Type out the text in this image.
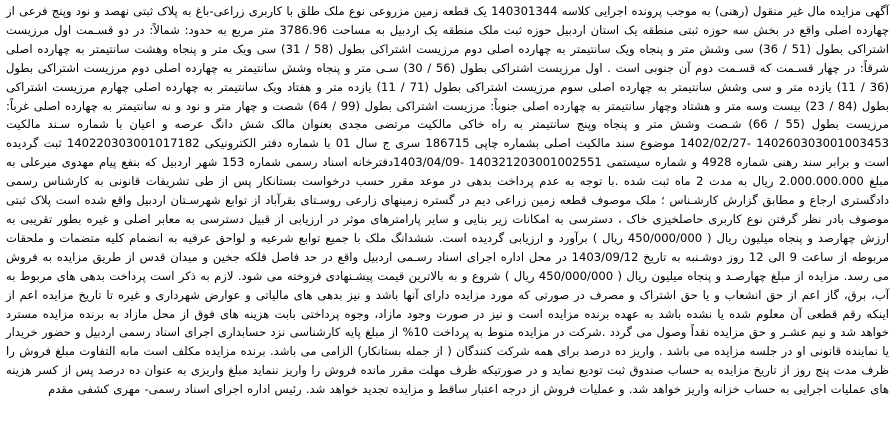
آگهی مزایده مال غیر منقول (رهنی) به موجب پرونده اجرایی کلاسه 140301344 یک قطعه زمین مزروعی نوع ملک طلق با کاربری زراعی-باغ به پلاک ثبتی نهصد و نود وپنج فرعی از چهارده اصلی واقع در بخش سه حوزه ثبتی منطقه یک استان اردبیل حوزه ثبت ملک منطقه یک اردبیل به مساحت 3786.96 متر مربع به حدود: شمالاً: در دو قسـمت اول مرزیست اشتراکی بطول (51 / 36) سی وشش متر و پنجاه ویک سانتیمتر به چهارده اصلی دوم مرزیست اشتراکی بطول (58 / 31) سی ویک متر و پنجاه وهشت سانتیمتر به چهارده اصلی شرقاً: در چهار قسـمت که قسـمت دوم آن جنوبی است . اول مرزیست اشتراکی بطول (56 / 30) سـی متر و پنجاه وشش سانتیمتر به چهارده اصلی دوم مرزیست اشتراکی بطول (36 / 11) یازده متر و سی وشش سانتیمتر به چهارده اصلی سوم مرزیست اشتراکی بطول (71 / 11) یازده متر و هفتاد ویک سانتیمتر به چهارده اصلی چهارم مرزیست اشتراکی بطول (84 / 23) بیست وسه متر و هشتاد وچهار سانتیمتر به چهارده اصلی جنوباً: مرزیست اشتراکی بطول (99 / 64) شصت و چهار متر و نود و نه سانتیمتر به چهارده اصلی غرباً: مرزیست بطول (55 / 66) شـصت وشش متر و پنجاه وپنج سانتیمتر به راه خاکی مالکیت مرتضی مجدی بعنوان مالک شش دانگ عرصه و اعیان با شماره سـند مالکیت 140260303001003453 -1402/02/27 موضوع سند مالکیت اصلی بشماره چاپی 186715 سری ج سال 01 با شماره دفتر الکترونیکی 140220303001017182 ثبت گردیده است و برابر سند رهنی شماره 4928 و شماره سیستمی 140321203001002551 -1403/04/09دفترخانه اسناد رسمی شماره 153 شهر اردبیل که بنفع پیام مهدوی میرعلی به مبلغ 2.000.000.000 ریال به مدت 2 ماه ثبت شده .با توجه به عدم پرداخت بدهی در موعد مقرر حسب درخواست بستانکار پس از طی تشریفات قانونی به کارشناس رسمی دادگستری ارجاع و مطابق گزارش کارشـناس ؛ ملک موصوف قطعه زمین زراعی دیم در گستره زمینهای زارعی روسـتای بقرآباد از توابع شهرسـتان اردبیل واقع شده است پلاک ثبتی موصوف بادر نظر گرفتن نوع کاربری حاصلخیزی خاک ، دسترسی به امکانات زیر بنایی و سایر پارامترهای موثر در ارزیابی از قبیل دسترسی به معابر اصلی و غیره بطور تقریبی به ارزش چهارصد و پنجاه میلیون ریال ( 450/000/000 ریال ) برآورد و ارزیابی گردیده است. ششدانگ ملک با جمیع توابع شرعیه و لواحق عرفیه به انضمام کلیه متضمات و ملحقات مربوطه از ساعت 9 الی 12 روز دوشـنبه به تاریخ 1403/09/12 در محل اداره اجرای اسناد رسـمی اردبیل واقع در حد فاصل فلکه جخین و میدان قدس از طریق مزایده به فروش می رسد. مزایده از مبلغ چهارصـد و پنجاه میلیون ریال ( 450/000/000 ریال ) شروع و به بالاترین قیمت پیشـنهادی فروخته می شود. لازم به ذکر است پرداخت بدهی های مربوط به آب، برق، گاز اعم از حق انشعاب و یا حق اشتراک و مصرف در صورتی که مورد مزایده دارای آنها باشد و نیز بدهی های مالیاتی و عوارض شهرداری و غیره تا تاریخ مزایده اعم از اینکه رقم قطعی آن معلوم شده یا نشده باشد به عهده برنده مزایده است و نیز در صورت وجود مازاد، وجوه پرداختی بابت هزینه های فوق از محل مازاد به برنده مزایده مسترد خواهد شد و نیم عشـر و حق مزایده نقداً وصول می گردد .شرکت در مزایده منوط به پرداخت 10% از مبلغ پایه کارشناسی نزد حسابداری اجرای اسناد رسمی اردبیل و حضور خریدار یا نماینده قانونی او در جلسه مزایده می باشد . واریز ده درصد برای همه شرکت کنندگان ( از جمله بستانکار) الزامی می باشد. برنده مزایده مکلف است مابه التفاوت مبلغ فروش را ظرف مدت پنج روز از تاریخ مزایده به حساب صندوق ثبت تودیع نماید و در صورتیکه ظرف مهلت مقرر مانده فروش را واریز ننماید مبلغ واریزی به عنوان ده درصد پس از کسر هزینه های عملیات اجرایی به حساب خزانه واریز خواهد شد. و عملیات فروش از درجه اعتبار ساقط و مزایده تجدید خواهد شد. رئیس اداره اجرای اسناد رسمی- مهری کشفی مقدم
